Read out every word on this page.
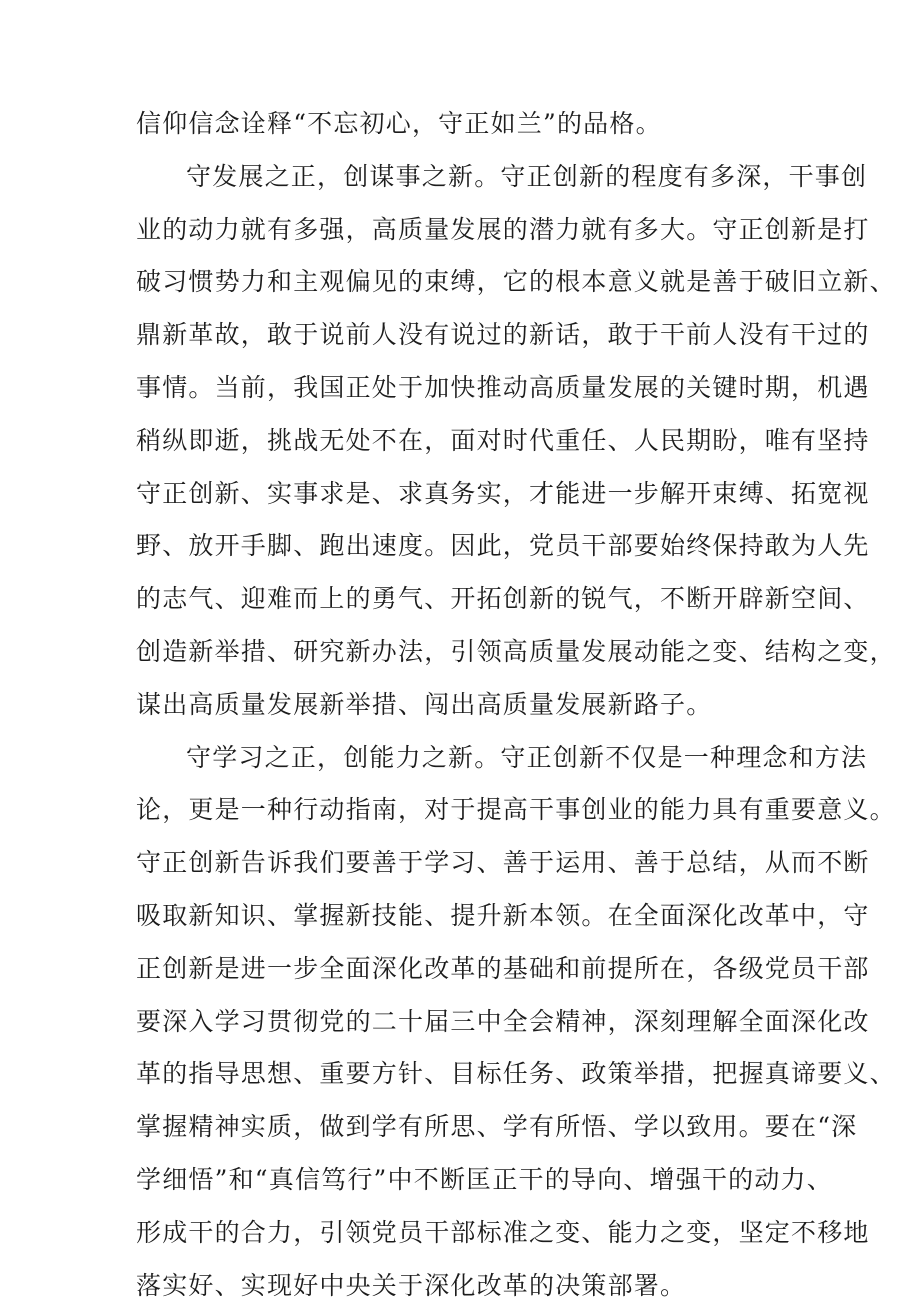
信仰信念诠释“不忘初心，守正如兰”的品格。
守发展之正，创谋事之新。守正创新的程度有多深，干事创
业的动力就有多强，高质量发展的潜力就有多大。守正创新是打
破习惯势力和主观偏见的束缚，它的根本意义就是善于破旧立新、
鼎新革故，敢于说前人没有说过的新话，敢于干前人没有干过的
事情。当前，我国正处于加快推动高质量发展的关键时期，机遇
稍纵即逝，挑战无处不在，面对时代重任、人民期盼，唯有坚持
守正创新、实事求是、求真务实，才能进一步解开束缚、拓宽视
野、放开手脚、跑出速度。因此，党员干部要始终保持敢为人先
的志气、迎难而上的勇气、开拓创新的锐气，不断开辟新空间、
创造新举措、研究新办法，引领高质量发展动能之变、结构之变，
谋出高质量发展新举措、闯出高质量发展新路子。
守学习之正，创能力之新。守正创新不仅是一种理念和方法
论，更是一种行动指南，对于提高干事创业的能力具有重要意义。
守正创新告诉我们要善于学习、善于运用、善于总结，从而不断
吸取新知识、掌握新技能、提升新本领。在全面深化改革中，守
正创新是进一步全面深化改革的基础和前提所在，各级党员干部
要深入学习贯彻党的二十届三中全会精神，深刻理解全面深化改
革的指导思想、重要方针、目标任务、政策举措，把握真谛要义、
掌握精神实质，做到学有所思、学有所悟、学以致用。要在“深
学细悟”和“真信笃行”中不断匡正干的导向、增强干的动力、
形成干的合力，引领党员干部标准之变、能力之变，坚定不移地
落实好、实现好中央关于深化改革的决策部署。
